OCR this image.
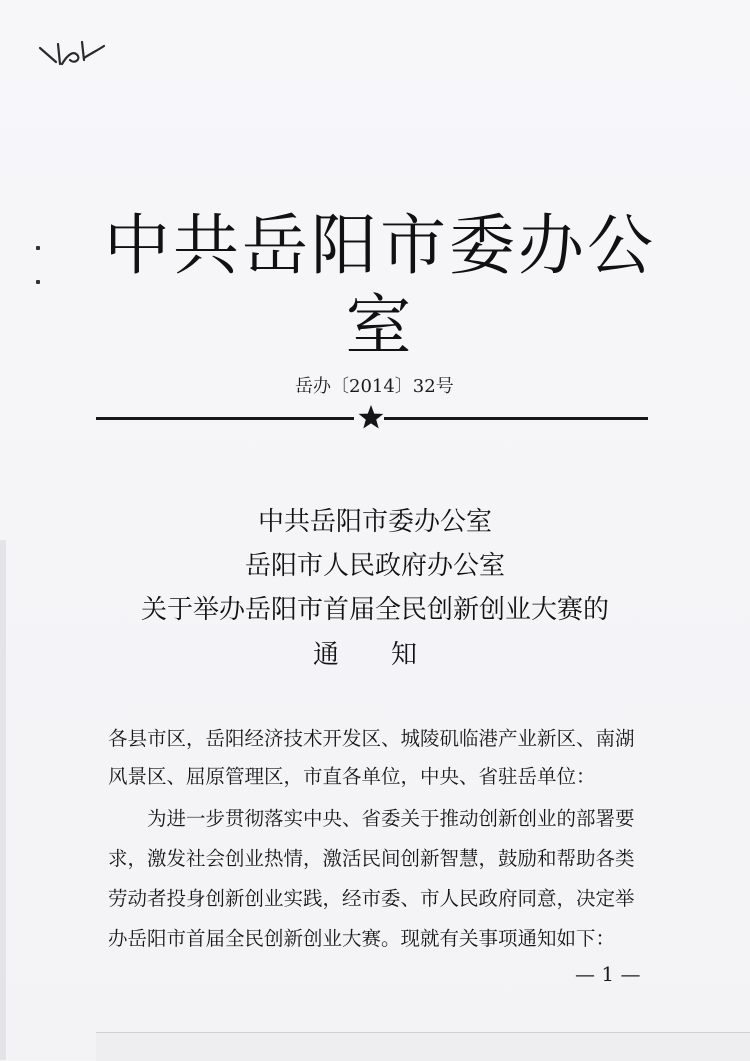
中共岳阳市委办公室
岳办〔2014〕32号
中共岳阳市委办公室
岳阳市人民政府办公室
关于举办岳阳市首届全民创新创业大赛的
通　　知
各县市区，岳阳经济技术开发区、城陵矶临港产业新区、南湖
风景区、屈原管理区，市直各单位，中央、省驻岳单位：
为进一步贯彻落实中央、省委关于推动创新创业的部署要
求，激发社会创业热情，激活民间创新智慧，鼓励和帮助各类
劳动者投身创新创业实践，经市委、市人民政府同意，决定举
办岳阳市首届全民创新创业大赛。现就有关事项通知如下：
— 1 —
